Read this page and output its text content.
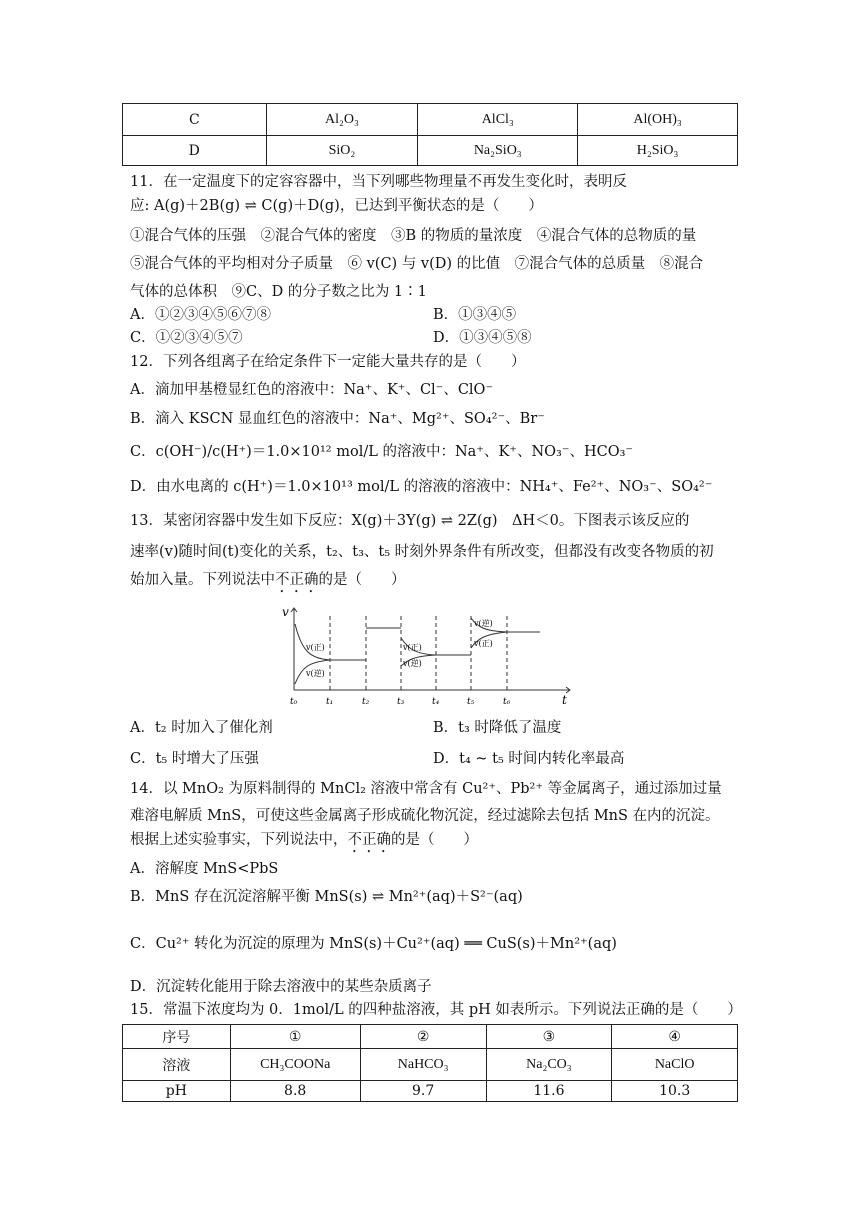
C	Al₂O₃	AlCl₃	Al(OH)₃
D	SiO₂	Na₂SiO₃	H₂SiO₃
11．在一定温度下的定容容器中，当下列哪些物理量不再发生变化时，表明反
应: A(g)＋2B(g) ⇌ C(g)＋D(g)，已达到平衡状态的是（　　）
①混合气体的压强　②混合气体的密度　③B 的物质的量浓度　④混合气体的总物质的量
⑤混合气体的平均相对分子质量　⑥ v(C) 与 v(D) 的比值　⑦混合气体的总质量　⑧混合
气体的总体积　⑨C、D 的分子数之比为 1∶1
A．①②③④⑤⑥⑦⑧	B．①③④⑤
C．①②③④⑤⑦	D．①③④⑤⑧
12．下列各组离子在给定条件下一定能大量共存的是（　　）
A．滴加甲基橙显红色的溶液中：Na⁺、K⁺、Cl⁻、ClO⁻
B．滴入 KSCN 显血红色的溶液中：Na⁺、Mg²⁺、SO₄²⁻、Br⁻
C．c(OH⁻)/c(H⁺)＝1.0×10¹² mol/L 的溶液中：Na⁺、K⁺、NO₃⁻、HCO₃⁻
D．由水电离的 c(H⁺)＝1.0×10¹³ mol/L 的溶液的溶液中：NH₄⁺、Fe²⁺、NO₃⁻、SO₄²⁻
13．某密闭容器中发生如下反应：X(g)＋3Y(g) ⇌ 2Z(g)　ΔH＜0。下图表示该反应的
速率(v)随时间(t)变化的关系，t₂、t₃、t₅ 时刻外界条件有所改变，但都没有改变各物质的初
始加入量。下列说法中不正确的是（　　）
v
t
t₀	t₁	t₂	t₃	t₄	t₅	t₆
v(正)
v(逆)
v(正)
v(逆)
v(逆)
v(正)
A．t₂ 时加入了催化剂	B．t₃ 时降低了温度
C．t₅ 时增大了压强	D．t₄ ~ t₅ 时间内转化率最高
14．以 MnO₂ 为原料制得的 MnCl₂ 溶液中常含有 Cu²⁺、Pb²⁺ 等金属离子，通过添加过量
难溶电解质 MnS，可使这些金属离子形成硫化物沉淀，经过滤除去包括 MnS 在内的沉淀。
根据上述实验事实，下列说法中，不正确的是（　　）
A．溶解度 MnS<PbS
B．MnS 存在沉淀溶解平衡 MnS(s) ⇌ Mn²⁺(aq)＋S²⁻(aq)
C．Cu²⁺ 转化为沉淀的原理为 MnS(s)＋Cu²⁺(aq) ══ CuS(s)＋Mn²⁺(aq)
D．沉淀转化能用于除去溶液中的某些杂质离子
15．常温下浓度均为 0．1mol/L 的四种盐溶液，其 pH 如表所示。下列说法正确的是（　　）
序号	①	②	③	④
溶液	CH₃COONa	NaHCO₃	Na₂CO₃	NaClO
pH	8.8	9.7	11.6	10.3
